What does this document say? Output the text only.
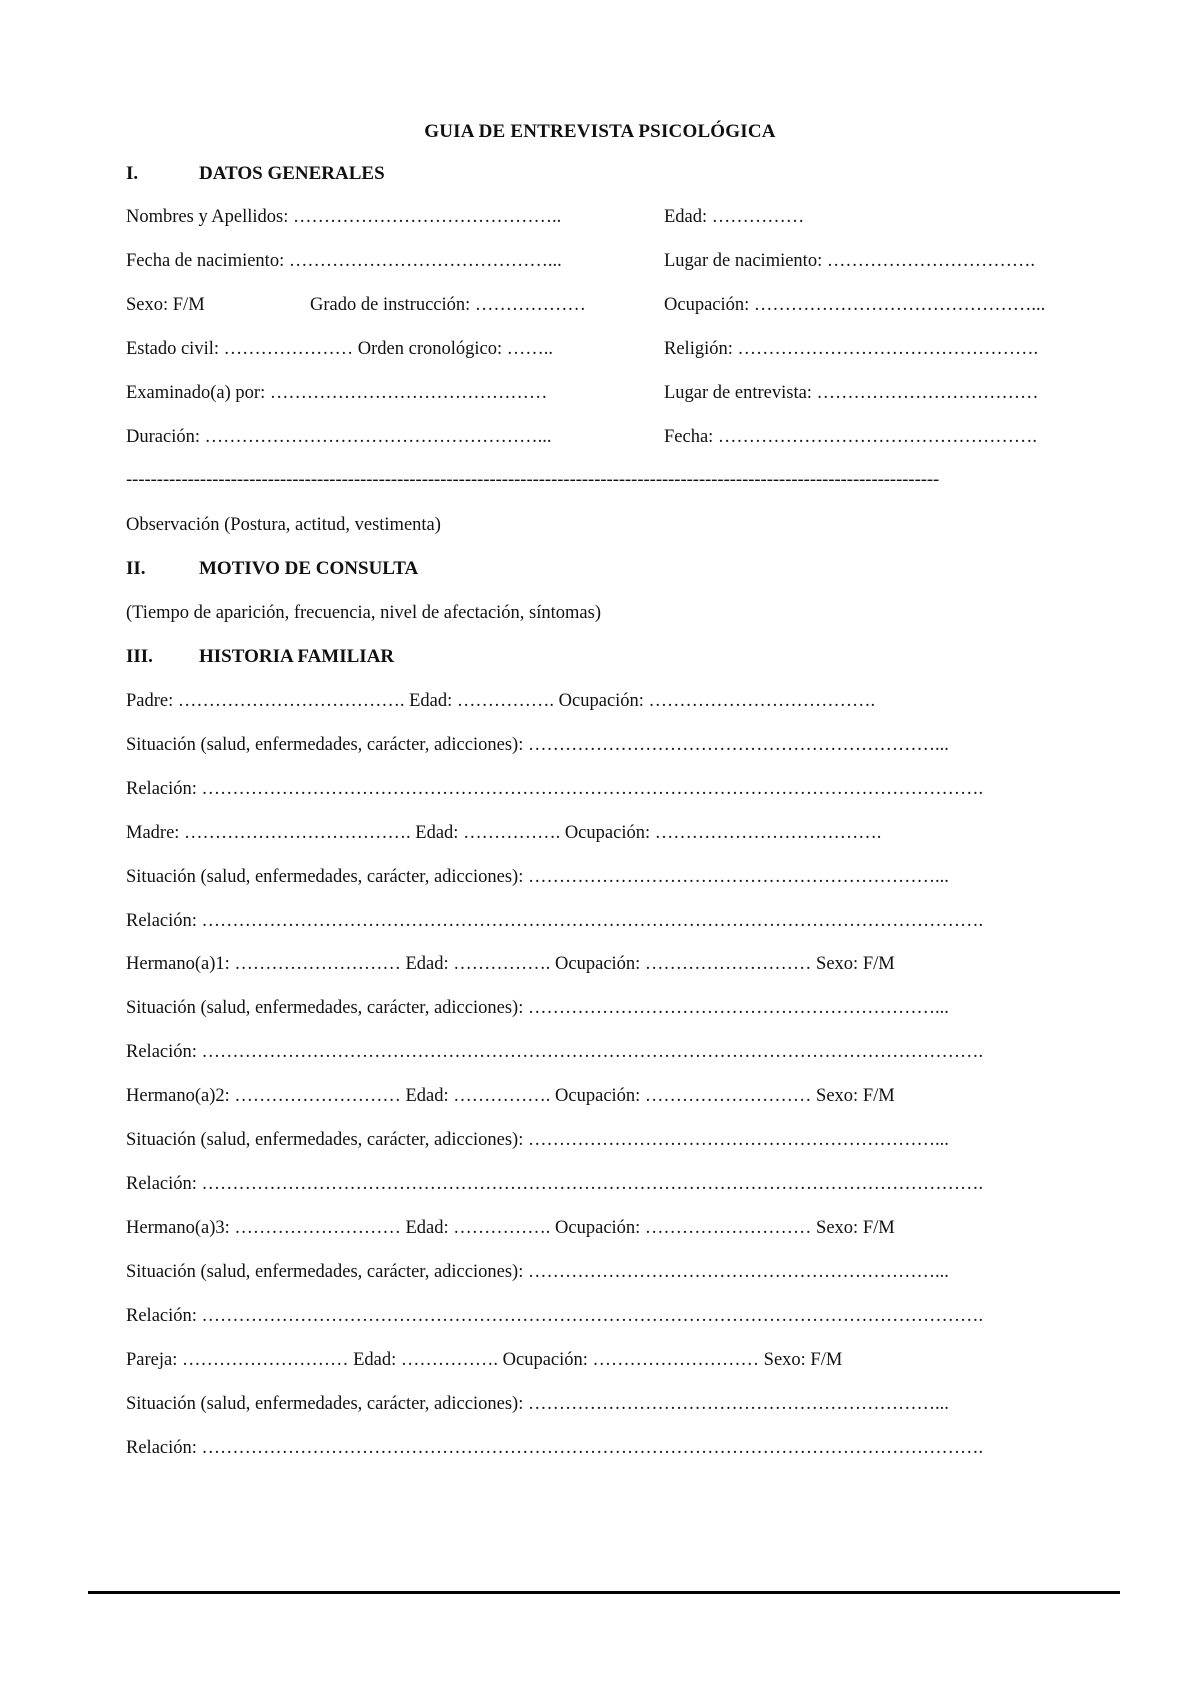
GUIA DE ENTREVISTA PSICOLÓGICA
I.	DATOS GENERALES
Nombres y Apellidos: ……………………………………..	Edad: ……………
Fecha de nacimiento: ……………………………………...	Lugar de nacimiento: …………………………….
Sexo: F/M	Grado de instrucción: ………………	Ocupación: ………………………………………...
Estado civil: ………………… Orden cronológico: ……..	Religión: ………………………………………….
Examinado(a) por: ………………………………………	Lugar de entrevista: ………………………………
Duración: ………………………………………………...	Fecha: …………………………………………….
------------------------------------------------------------------------------------------------------------------------------------
Observación (Postura, actitud, vestimenta)
II.	MOTIVO DE CONSULTA
(Tiempo de aparición, frecuencia, nivel de afectación, síntomas)
III. HISTORIA FAMILIAR
Padre: ………………………………. Edad: ……………. Ocupación: ……………………………….
Situación (salud, enfermedades, carácter, adicciones): …………………………………………………………...
Relación: ……………………………………………………………………………………………………………….
Madre: ………………………………. Edad: ……………. Ocupación: ……………………………….
Situación (salud, enfermedades, carácter, adicciones): …………………………………………………………...
Relación: ……………………………………………………………………………………………………………….
Hermano(a)1: ……………………… Edad: ……………. Ocupación: ……………………… Sexo: F/M
Situación (salud, enfermedades, carácter, adicciones): …………………………………………………………...
Relación: ……………………………………………………………………………………………………………….
Hermano(a)2: ……………………… Edad: ……………. Ocupación: ……………………… Sexo: F/M
Situación (salud, enfermedades, carácter, adicciones): …………………………………………………………...
Relación: ……………………………………………………………………………………………………………….
Hermano(a)3: ……………………… Edad: ……………. Ocupación: ……………………… Sexo: F/M
Situación (salud, enfermedades, carácter, adicciones): …………………………………………………………...
Relación: ……………………………………………………………………………………………………………….
Pareja: ……………………… Edad: ……………. Ocupación: ……………………… Sexo: F/M
Situación (salud, enfermedades, carácter, adicciones): …………………………………………………………...
Relación: ……………………………………………………………………………………………………………….
